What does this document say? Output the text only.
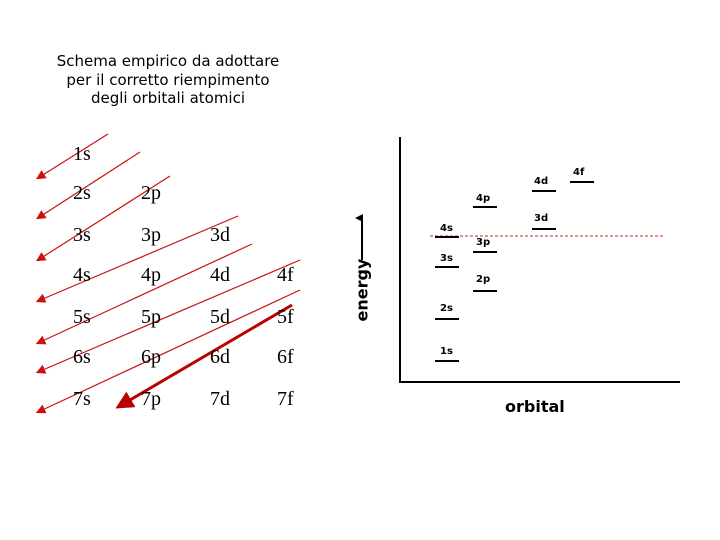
Schema empirico da adottare
per il corretto riempimento
degli orbitali atomici
1s
2s	2p
3s	3p 3d
4s	4p 4d 4f
5s	5p 5d 5f
6s	6p 6d 6f
7s	7p 7d 7f
energy
1s
2s
3s
4s
2p
3p
4p
3d
4d
4f
orbital
